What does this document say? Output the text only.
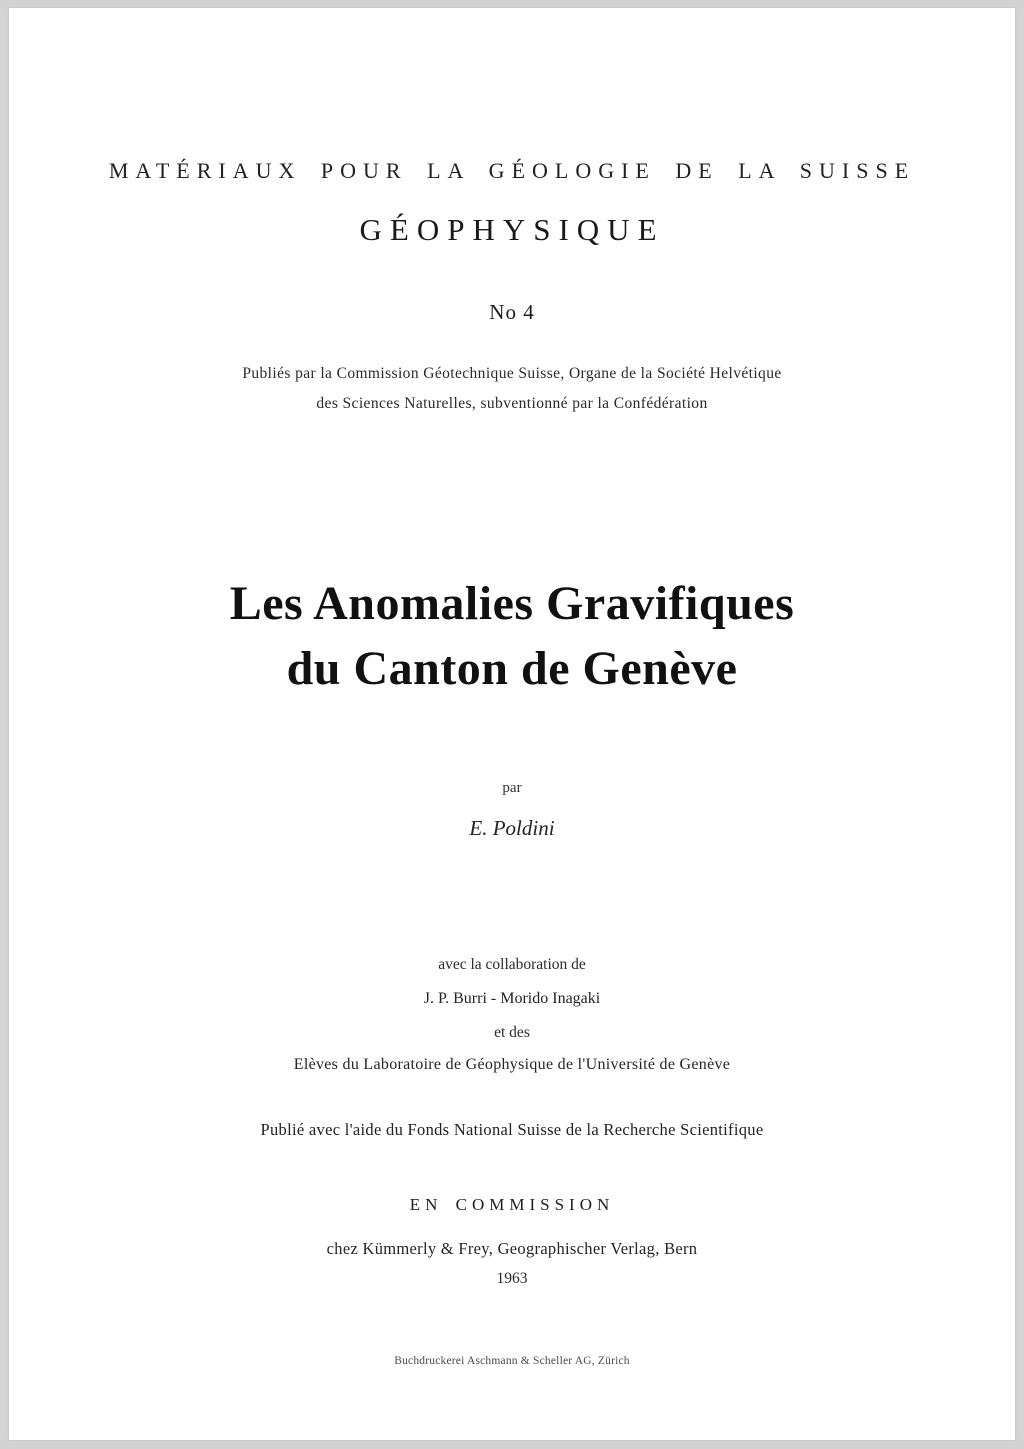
MATÉRIAUX POUR LA GÉOLOGIE DE LA SUISSE
GÉOPHYSIQUE
No 4
Publiés par la Commission Géotechnique Suisse, Organe de la Société Helvétique
des Sciences Naturelles, subventionné par la Confédération
Les Anomalies Gravifiques
du Canton de Genève
par
E. Poldini
avec la collaboration de
J. P. Burri - Morido Inagaki
et des
Elèves du Laboratoire de Géophysique de l'Université de Genève
Publié avec l'aide du Fonds National Suisse de la Recherche Scientifique
EN COMMISSION
chez Kümmerly & Frey, Geographischer Verlag, Bern
1963
Buchdruckerei Aschmann & Scheller AG, Zürich
